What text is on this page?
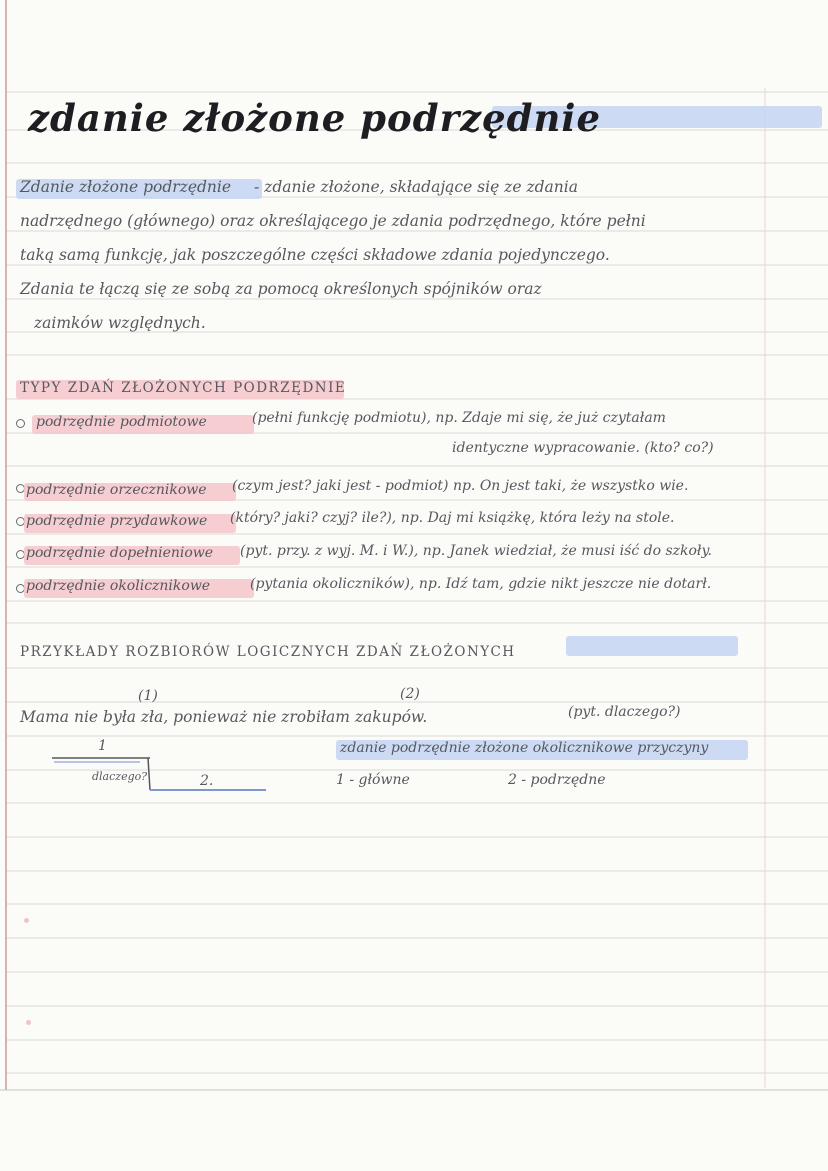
zdanie złożone podrzędnie
Zdanie złożone podrzędnie - zdanie złożone, składające się ze zdania
nadrzędnego (głównego) oraz określającego je zdania podrzędnego, które pełni
taką samą funkcję, jak poszczególne części składowe zdania pojedynczego.
Zdania te łączą się ze sobą za pomocą określonych spójników oraz
zaimków względnych.
TYPY ZDAŃ ZŁOŻONYCH PODRZĘDNIE
podrzędnie podmiotowe	(pełni funkcję podmiotu), np. Zdaje mi się, że już czytałam
identyczne wypracowanie. (kto? co?)
podrzędnie orzecznikowe (czym jest? jaki jest - podmiot) np. On jest taki, że wszystko wie.
podrzędnie przydawkowe (który? jaki? czyj? ile?), np. Daj mi książkę, która leży na stole.
podrzędnie dopełnieniowe (pyt. przy. z wyj. M. i W.), np. Janek wiedział, że musi iść do szkoły.
podrzędnie okolicznikowe	(pytania okoliczników), np. Idź tam, gdzie nikt jeszcze nie dotarł.
PRZYKŁADY ROZBIORÓW LOGICZNYCH ZDAŃ ZŁOŻONYCH
(1)	(2)
Mama nie była zła, ponieważ nie zrobiłam zakupów.	(pyt. dlaczego?)
zdanie podrzędnie złożone okolicznikowe przyczyny
1 - główne	2 - podrzędne
1
dlaczego?	2.
